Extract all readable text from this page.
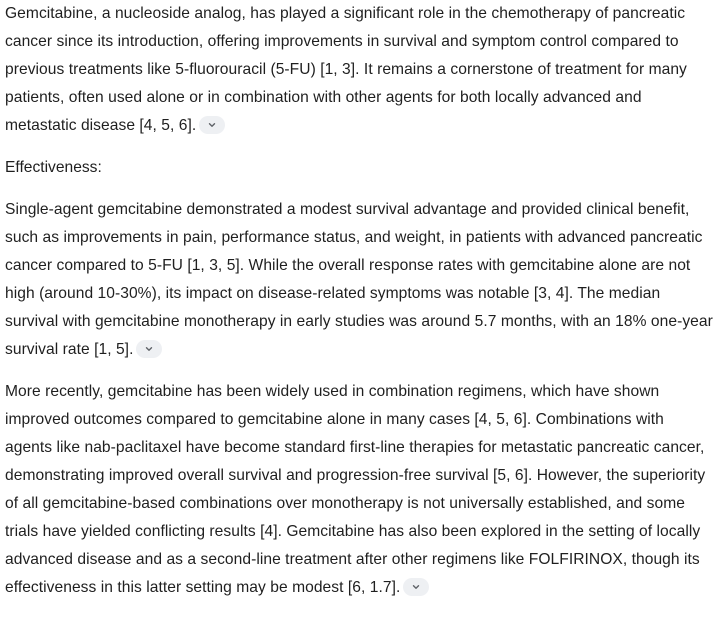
Gemcitabine, a nucleoside analog, has played a significant role in the chemotherapy of pancreatic cancer since its introduction, offering improvements in survival and symptom control compared to previous treatments like 5-fluorouracil (5-FU) [1, 3]. It remains a cornerstone of treatment for many patients, often used alone or in combination with other agents for both locally advanced and metastatic disease [4, 5, 6].

Effectiveness:

Single-agent gemcitabine demonstrated a modest survival advantage and provided clinical benefit, such as improvements in pain, performance status, and weight, in patients with advanced pancreatic cancer compared to 5-FU [1, 3, 5]. While the overall response rates with gemcitabine alone are not high (around 10-30%), its impact on disease-related symptoms was notable [3, 4]. The median survival with gemcitabine monotherapy in early studies was around 5.7 months, with an 18% one-year survival rate [1, 5].

More recently, gemcitabine has been widely used in combination regimens, which have shown improved outcomes compared to gemcitabine alone in many cases [4, 5, 6]. Combinations with agents like nab-paclitaxel have become standard first-line therapies for metastatic pancreatic cancer, demonstrating improved overall survival and progression-free survival [5, 6]. However, the superiority of all gemcitabine-based combinations over monotherapy is not universally established, and some trials have yielded conflicting results [4]. Gemcitabine has also been explored in the setting of locally advanced disease and as a second-line treatment after other regimens like FOLFIRINOX, though its effectiveness in this latter setting may be modest [6, 1.7].
